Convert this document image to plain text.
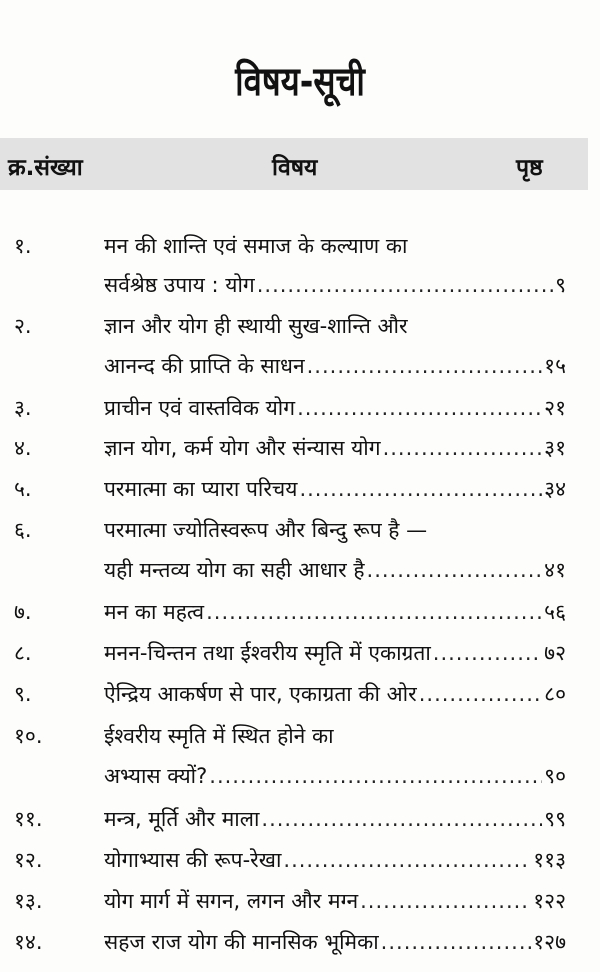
विषय-सूची
क्र.संख्या	विषय	पृष्ठ
१.	मन की शान्ति एवं समाज के कल्याण का
सर्वश्रेष्ठ उपाय : योग .....	९
२.	ज्ञान और योग ही स्थायी सुख-शान्ति और
आनन्द की प्राप्ति के साधन .....	१५
३.	प्राचीन एवं वास्तविक योग .....	२१
४.	ज्ञान योग, कर्म योग और संन्यास योग .....	३१
५.	परमात्मा का प्यारा परिचय .....	३४
६.	परमात्मा ज्योतिस्वरूप और बिन्दु रूप है —
यही मन्तव्य योग का सही आधार है .....	४१
७.	मन का महत्व .....	५६
८.	मनन-चिन्तन तथा ईश्वरीय स्मृति में एकाग्रता .....	७२
९.	ऐन्द्रिय आकर्षण से पार, एकाग्रता की ओर .....	८०
१०.	ईश्वरीय स्मृति में स्थित होने का
अभ्यास क्यों? .....	९०
११.	मन्त्र, मूर्ति और माला .....	९९
१२.	योगाभ्यास की रूप-रेखा .....	११३
१३.	योग मार्ग में सगन, लगन और मग्न .....	१२२
१४.	सहज राज योग की मानसिक भूमिका .....	१२७
